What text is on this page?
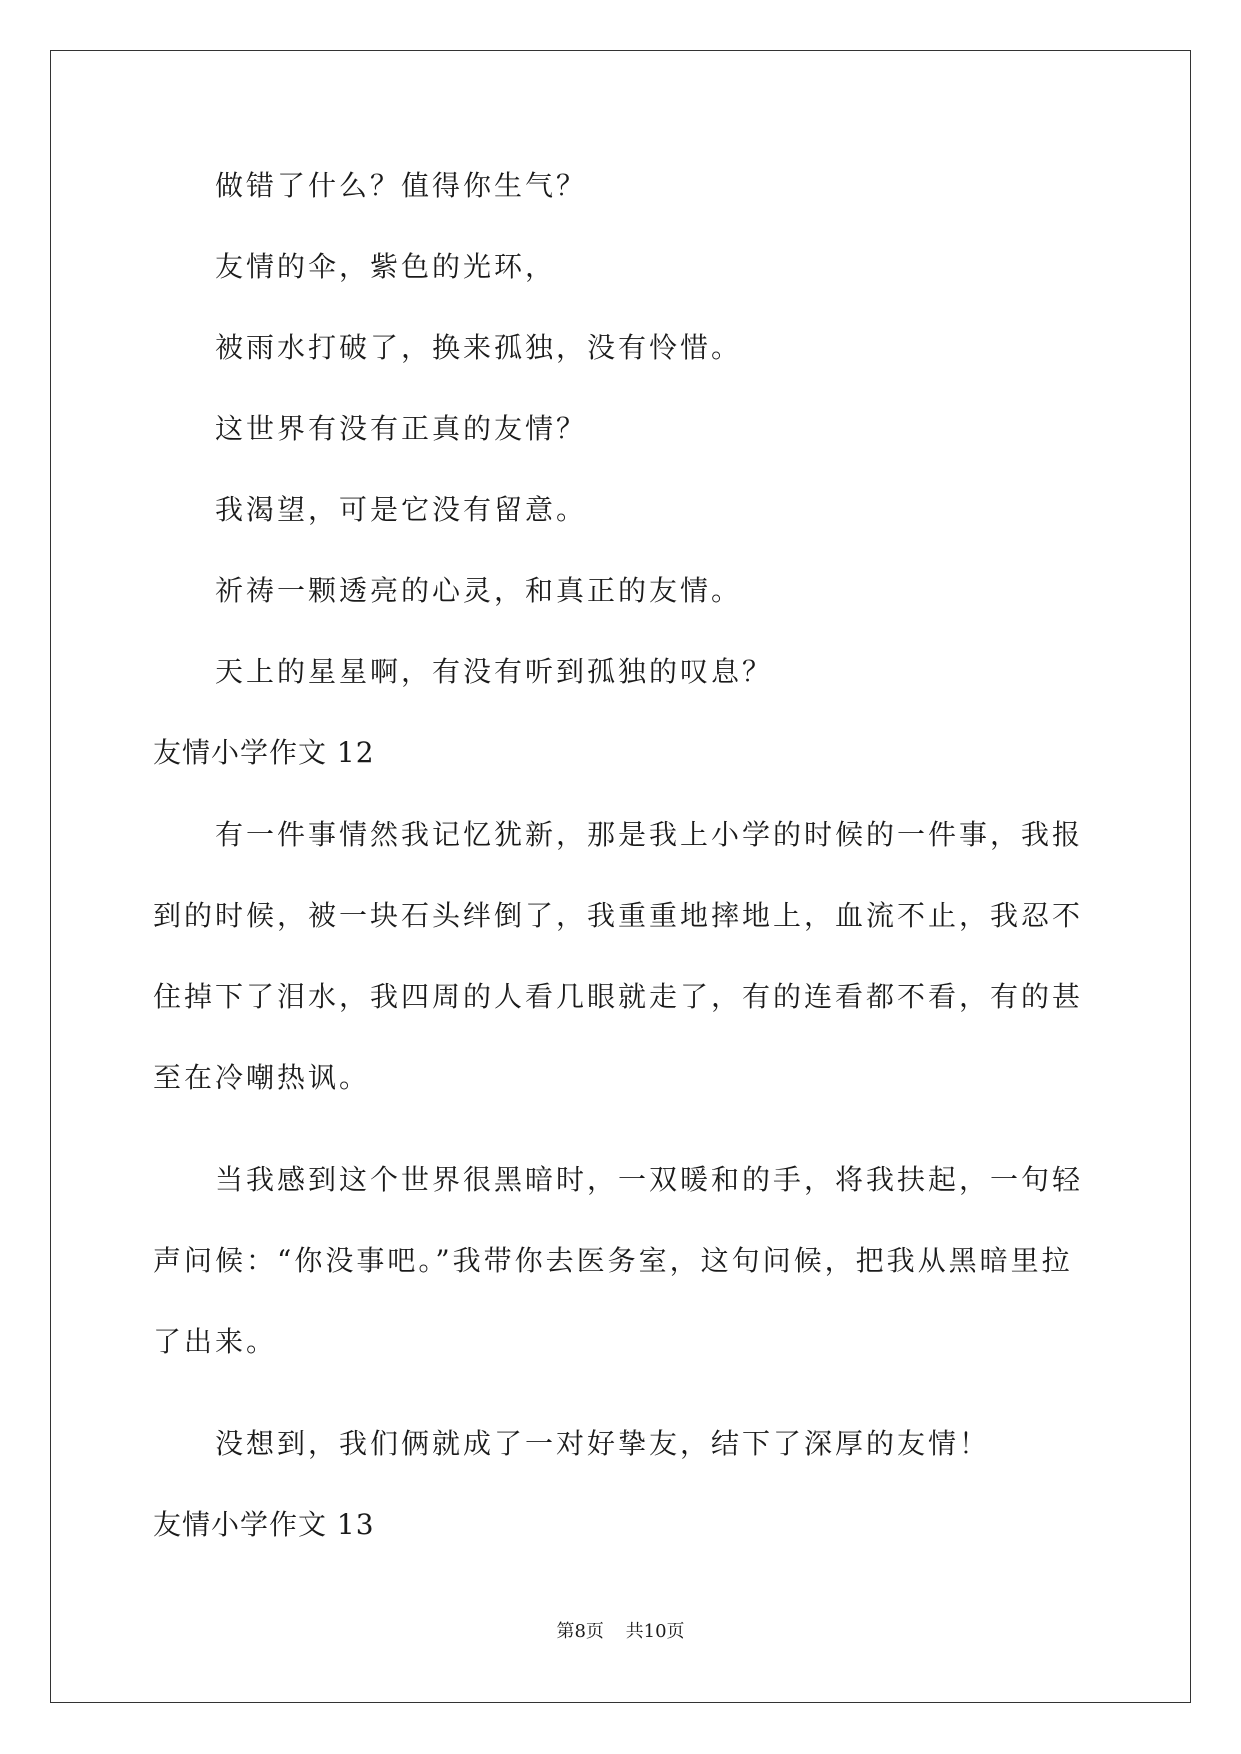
做错了什么？值得你生气？
友情的伞，紫色的光环，
被雨水打破了，换来孤独，没有怜惜。
这世界有没有正真的友情？
我渴望，可是它没有留意。
祈祷一颗透亮的心灵，和真正的友情。
天上的星星啊，有没有听到孤独的叹息？
友情小学作文 12
有一件事情然我记忆犹新，那是我上小学的时候的一件事，我报到的时候，被一块石头绊倒了，我重重地摔地上，血流不止，我忍不住掉下了泪水，我四周的人看几眼就走了，有的连看都不看，有的甚至在冷嘲热讽。
当我感到这个世界很黑暗时，一双暖和的手，将我扶起，一句轻声问候：“你没事吧。”我带你去医务室，这句问候，把我从黑暗里拉了出来。
没想到，我们俩就成了一对好挚友，结下了深厚的友情！
友情小学作文 13
第8页 共10页
